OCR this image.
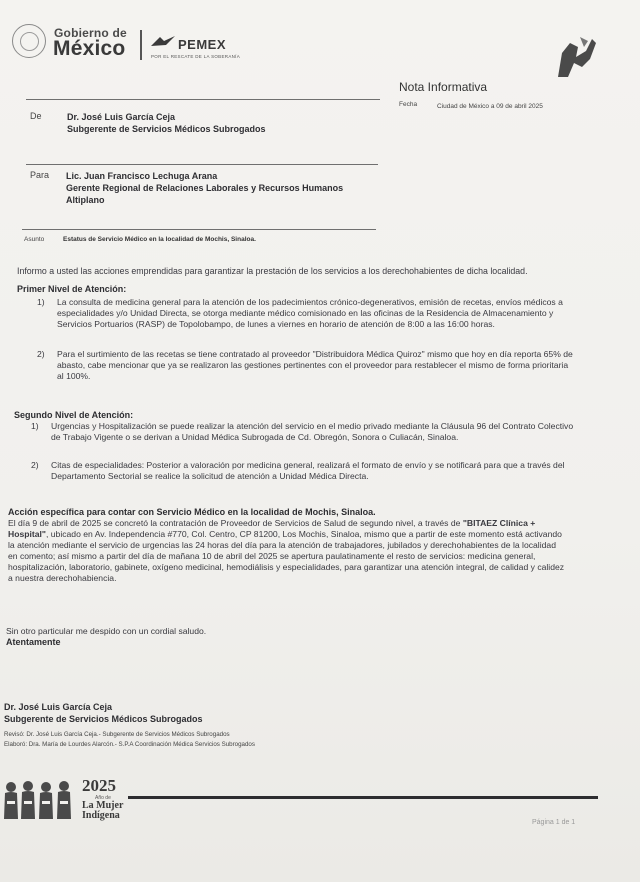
Gobierno de
México	PEMEX
POR EL RESCATE DE LA SOBERANÍA
Nota Informativa
Fecha	Ciudad de México a 09 de abril 2025
De	Dr. José Luis García Ceja
Subgerente de Servicios Médicos Subrogados
Para Lic. Juan Francisco Lechuga Arana
Gerente Regional de Relaciones Laborales y Recursos Humanos
Altiplano
Asunto	Estatus de Servicio Médico en la localidad de Mochis, Sinaloa.
Informo a usted las acciones emprendidas para garantizar la prestación de los servicios a los derechohabientes de dicha localidad.
Primer Nivel de Atención:
1) La consulta de medicina general para la atención de los padecimientos crónico-degenerativos, emisión de recetas, envíos médicos a
especialidades y/o Unidad Directa, se otorga mediante médico comisionado en las oficinas de la Residencia de Almacenamiento y
Servicios Portuarios (RASP) de Topolobampo, de lunes a viernes en horario de atención de 8:00 a las 16:00 horas.
2) Para el surtimiento de las recetas se tiene contratado al proveedor "Distribuidora Médica Quiroz" mismo que hoy en día reporta 65% de
abasto, cabe mencionar que ya se realizaron las gestiones pertinentes con el proveedor para restablecer el mismo de forma prioritaria
al 100%.
Segundo Nivel de Atención:
1) Urgencias y Hospitalización se puede realizar la atención del servicio en el medio privado mediante la Cláusula 96 del Contrato Colectivo
de Trabajo Vigente o se derivan a Unidad Médica Subrogada de Cd. Obregón, Sonora o Culiacán, Sinaloa.
2) Citas de especialidades: Posterior a valoración por medicina general, realizará el formato de envío y se notificará para que a través del
Departamento Sectorial se realice la solicitud de atención a Unidad Médica Directa.
Acción específica para contar con Servicio Médico en la localidad de Mochis, Sinaloa.
El día 9 de abril de 2025 se concretó la contratación de Proveedor de Servicios de Salud de segundo nivel, a través de "BITAEZ Clínica +
Hospital", ubicado en Av. Independencia #770, Col. Centro, CP 81200, Los Mochis, Sinaloa, mismo que a partir de este momento está activando
la atención mediante el servicio de urgencias las 24 horas del día para la atención de trabajadores, jubilados y derechohabientes de la localidad
en comento; así mismo a partir del día de mañana 10 de abril del 2025 se apertura paulatinamente el resto de servicios: medicina general,
hospitalización, laboratorio, gabinete, oxígeno medicinal, hemodiálisis y especialidades, para garantizar una atención integral, de calidad y calidez
a nuestra derechohabiencia.
Sin otro particular me despido con un cordial saludo.
Atentamente
Dr. José Luis García Ceja
Subgerente de Servicios Médicos Subrogados
Revisó: Dr. José Luis García Ceja.- Subgerente de Servicios Médicos Subrogados
Elaboró: Dra. María de Lourdes Alarcón.- S.P.A Coordinación Médica Servicios Subrogados
2025
Año de
La Mujer
Indígena
Página 1 de 1
